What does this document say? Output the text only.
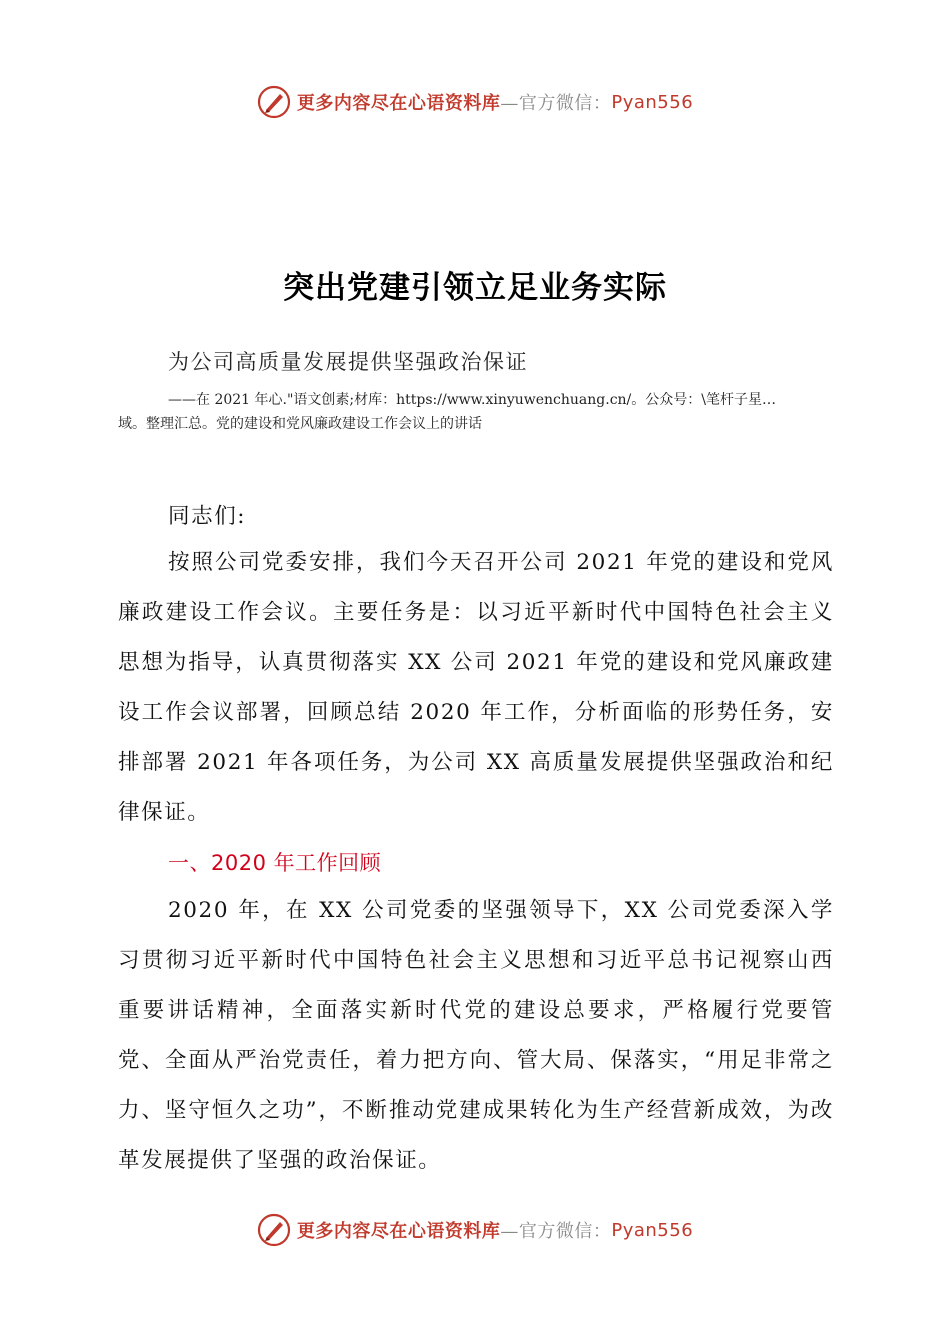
更多内容尽在心语资料库 —官方微信： Pyan556
突出党建引领立足业务实际
为公司高质量发展提供坚强政治保证
——在 2021 年心."语文创素;材库：https://www.xinyuwenchuang.cn/。公众号：\笔杆子星…
域。整理汇总。党的建设和党风廉政建设工作会议上的讲话
同志们:
按照公司党委安排，我们今天召开公司 2021 年党的建设和党风廉政建设工作会议。主要任务是：以习近平新时代中国特色社会主义思想为指导，认真贯彻落实 XX 公司 2021 年党的建设和党风廉政建设工作会议部署，回顾总结 2020 年工作，分析面临的形势任务，安排部署 2021 年各项任务，为公司 XX 高质量发展提供坚强政治和纪律保证。
一、2020 年工作回顾
2020 年，在 XX 公司党委的坚强领导下，XX 公司党委深入学习贯彻习近平新时代中国特色社会主义思想和习近平总书记视察山西重要讲话精神，全面落实新时代党的建设总要求，严格履行党要管党、全面从严治党责任，着力把方向、管大局、保落实，“用足非常之力、坚守恒久之功”，不断推动党建成果转化为生产经营新成效，为改革发展提供了坚强的政治保证。
更多内容尽在心语资料库 —官方微信： Pyan556
